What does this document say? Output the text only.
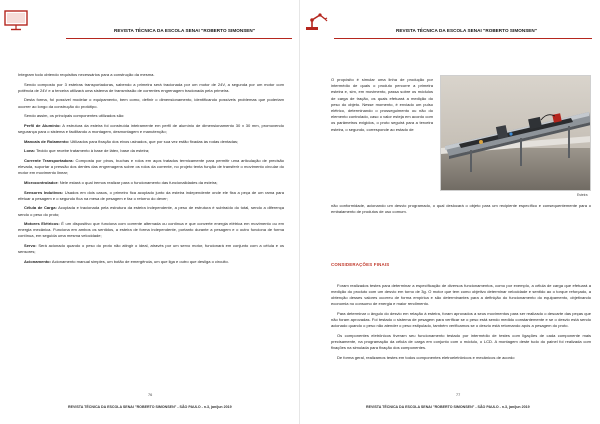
REVISTA TÉCNICA DA ESCOLA SENAI "ROBERTO SIMONSEN"

Integram todo obtendo requisitos necessários para a construção da mesma.

Sendo composto por 3 esteiras transportadoras, sabendo a primeira será tracionada por um motor de 24V, a segunda por um motor com potência de 24V e a terceira utilizará uma sistema de transmissão de correntes engrenagem tracionada pela primeira.

Desta forma, foi possível modelar o equipamento, bem como, definir o dimensionamento, identificando possíveis problemas que poderiam ocorrer ao longo da construção do protótipo.

Sendo assim, os principais componentes utilizados são:

Perfil de Alumínio: A estrutura da esteira foi construída inteiramente em perfil de alumínio de dimensionamento 30 x 30 mm, promovendo segurança para o sistema e facilitando a montagem, desmontagem e manutenção;

Mancais de Rolamento: Utilizados para fixação dos eixos usinados, que por sua vez estão fixadas às rodas dentadas;

Lona: Tecido que recebe tratamento à base de látex, base da esteira;

Corrente Transportadora: Composta por pinos, buchas e rolos em aços tratados termicamente para permitir uma articulação de precisão elevada, suportar a pressão dos dentes das engrenagens sobre os rolos da corrente, no projeto tenta função de transferir o movimento circular do motor em movimento linear;

Microcontrolador: Nele estará o qual iremos realizar para o funcionamento das funcionalidades da esteira;

Sensores Indutivos: Usados em dois casos, o primeiro fica acoplado junto da esteira independente onde ele fixa a peça de um rama para efetuar a pesagem e o segundo fica na mesa de pesagem e faz o retorno do dever;

Célula de Carga: Acoplada e tracionada pela estrutura da esteira independente, a peso de estrutura é subtraído do total, sendo a diferença sendo o peso do proto;

Motores Elétricos: É um dispositivo que funciona com corrente alternada ou contínua e que converte energia elétrica em movimento ou em energia mecânica. Funciona em ambos os sentidos, a esteira de forma independente, portanto durante a pesagem e o outro funciona de forma contínua, em seguida uma mesma velocidade;

Servo: Será acionado quando o peso do proto não atingir o ideal, através por um servo motor, funcionará em conjunto com a célula e os sensores;

Acionamento: Acionamento manual simples, um botão de emergência, um que liga e outro que desliga o circuito.

76
REVISTA TÉCNICA DA ESCOLA SENAI "ROBERTO SIMONSEN" - SÃO PAULO - n.3, jan/jun 2019
REVISTA TÉCNICA DA ESCOLA SENAI "ROBERTO SIMONSEN"
O propósito é simular uma linha de produção por intermédio de quais o produto percorre a primeira esteira e, sim, em movimento, passa sobre os módulos de carga de tração, os quais efetuará a medição do peso do objeto. Nesse momento, é enviado um pulso elétrico, determinando o prosseguimento ou não do elemento controlado, caso o valor esteja em acordo com os parâmetros exigidos, o proto seguirá para a terceira esteira, o segundo, corresponde ao estado de
Esteira
não conformidade, acionando um desvio programado, o qual deslocará o objeto para um recipiente específico e consequentemente para o embalamento de produtos de uso comum.
CONSIDERAÇÕES FINAIS

Foram realizados testes para determinar a especificação de diversos funcionamentos, como por exemplo, a célula de carga que efetuará a medição do produto com um desvio em torno de 3g. O motor que tem como objetivo determinar velocidade e sentido ao o torque reforçado, a obtenção desses valores ocorreu de forma empírica e são determinantes para a definição do funcionamento do equipamento, objetivando economia no consumo de energia e maior rendimento.

Para determinar o ângulo do desvio em relação à esteira, foram aprovados a seus movimentos para ser realizado o descarte das peças que não foram aprovadas. Foi testado o sistema de pesagem para verificar se o peso está sendo medido constantemente e se o desvio está sendo acionado quando o peso não atender o peso estipulado, também verificamos se o desvio está retornando após a pesagem do proto.

Os componentes eletrônicos tiveram seu funcionamento testado por intermédio de testes com ligações de cada componente mais precisamente, na programação da célula de carga em conjunto com o módulo, o LCD. A montagem deste tudo do painel foi realizada com fixações na simulada para fixação dos componentes.

De forma geral, realizamos testes em todos componentes eletroeletrônicos e mecânicos de acordo

77
REVISTA TÉCNICA DA ESCOLA SENAI "ROBERTO SIMONSEN" - SÃO PAULO - n.3, jan/jun 2019
